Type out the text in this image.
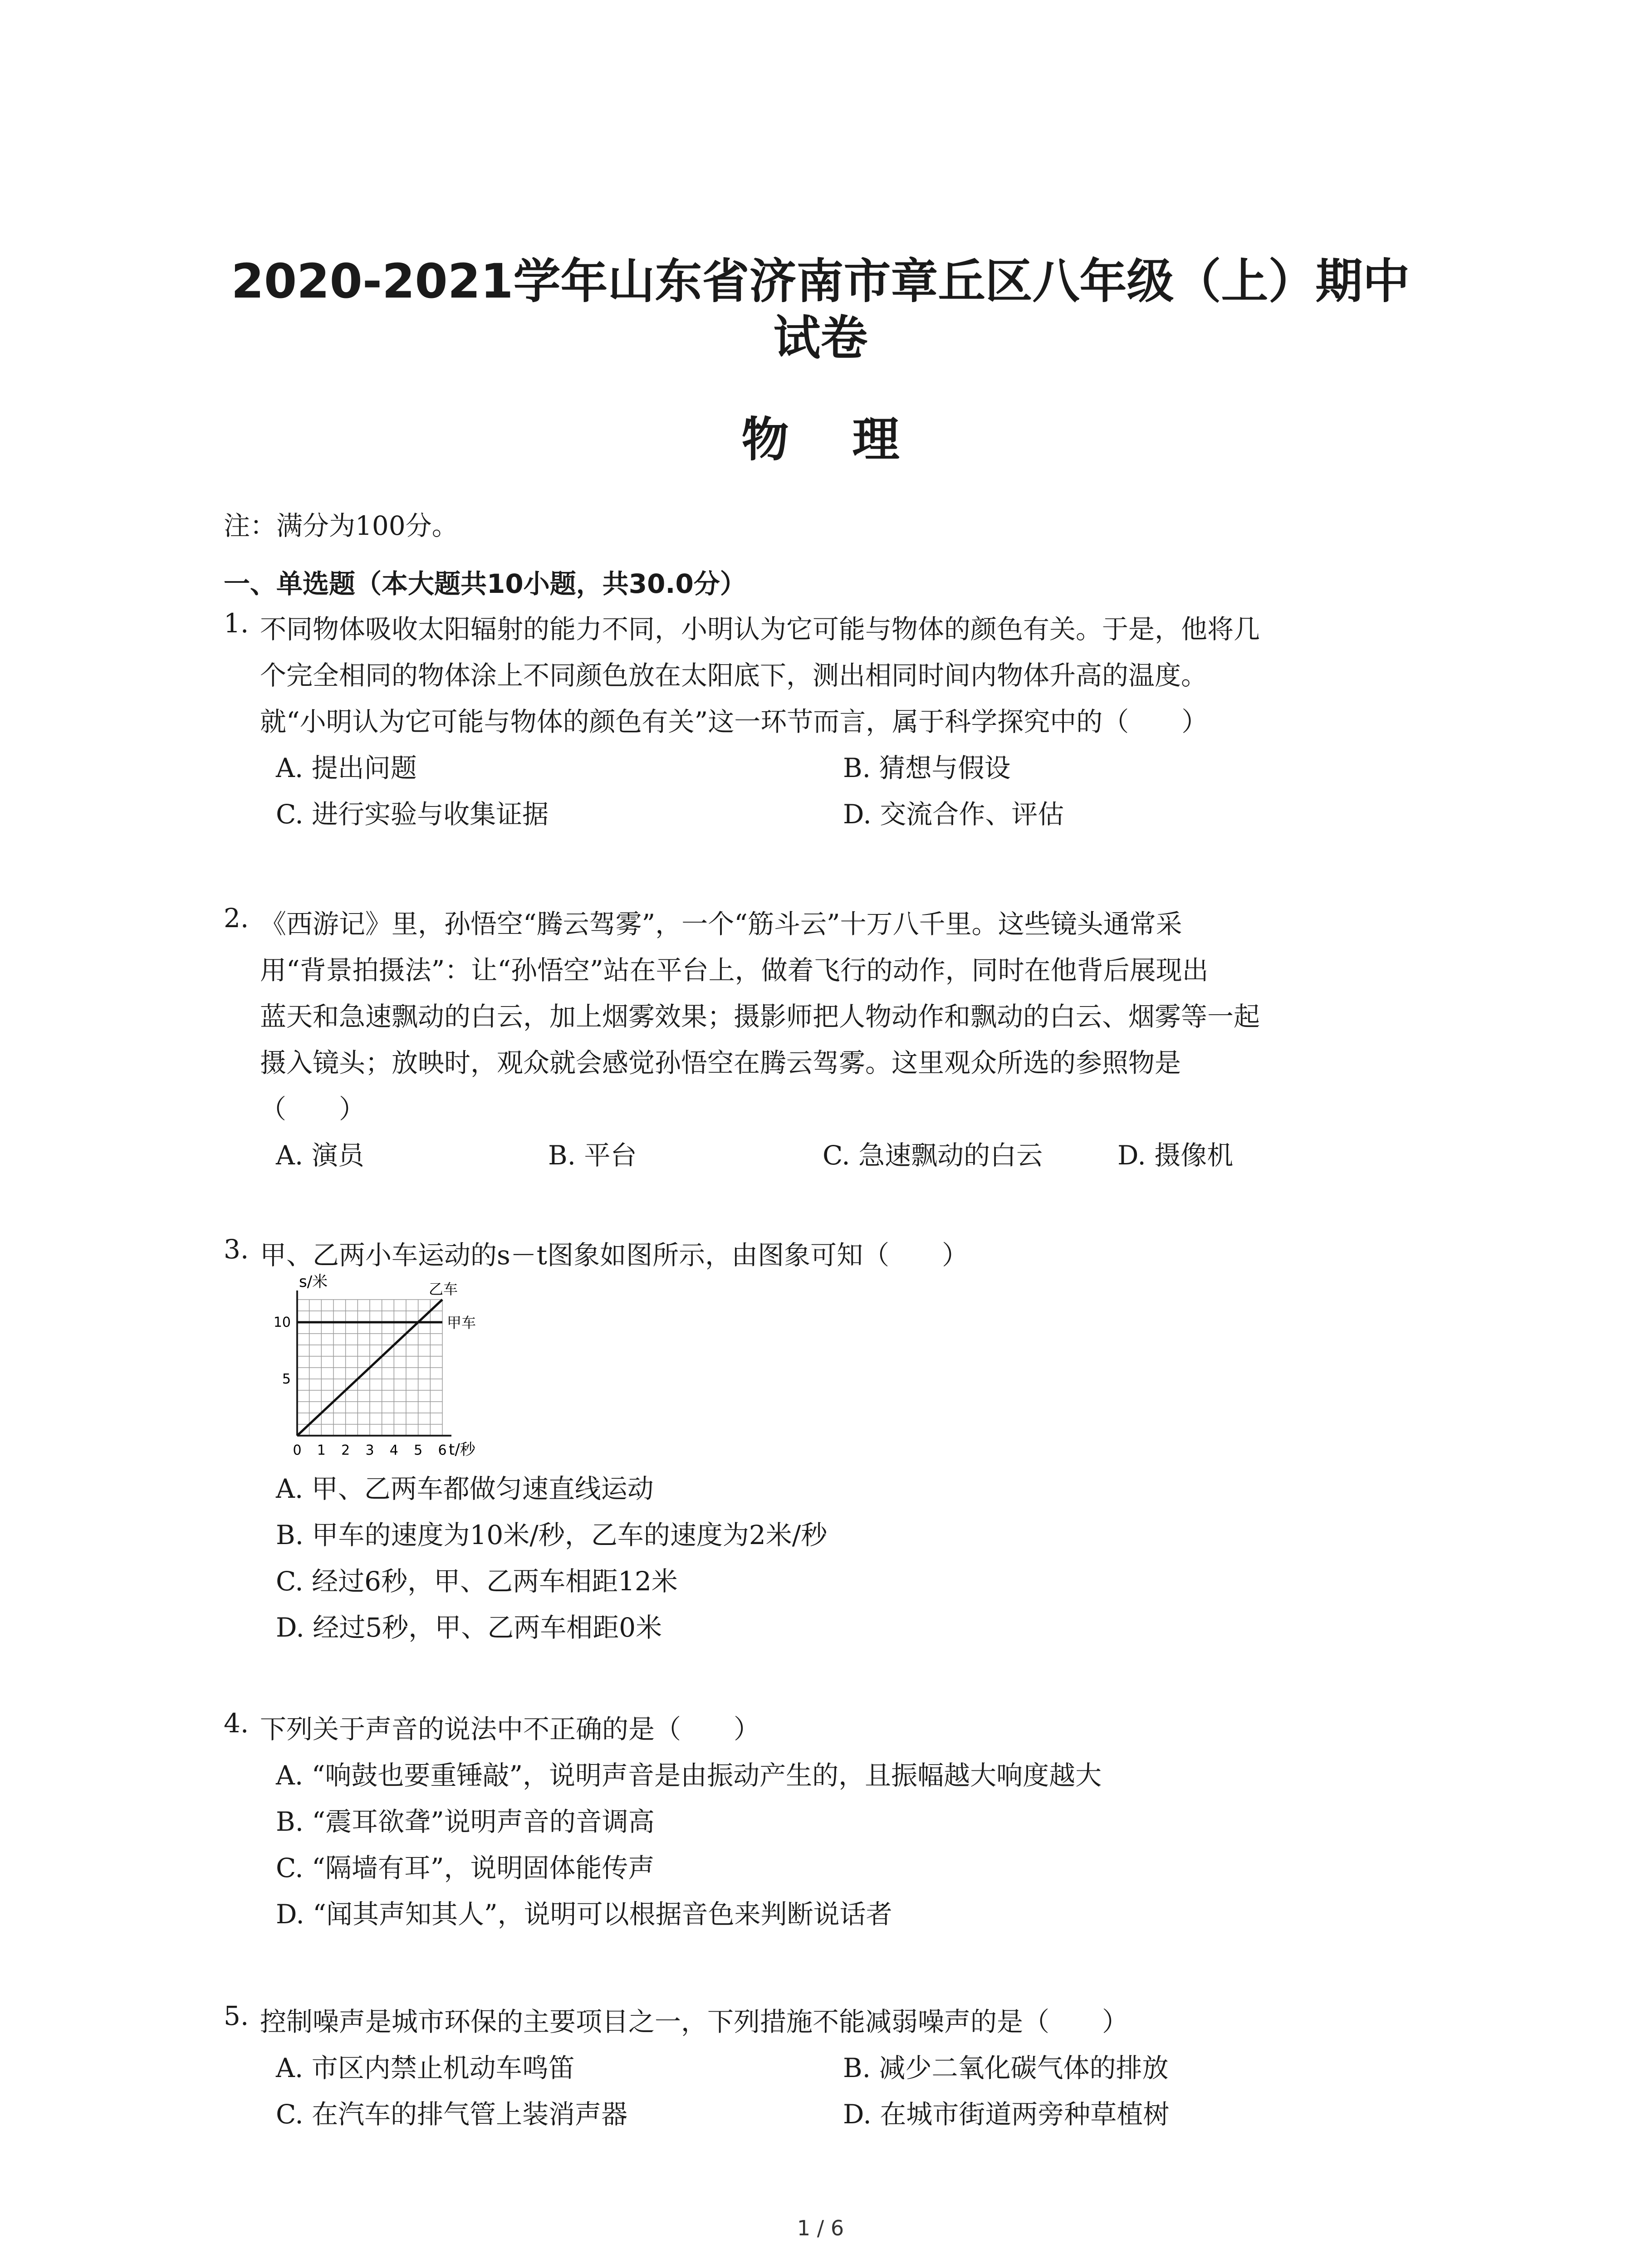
2020-2021学年山东省济南市章丘区八年级（上）期中
试卷
物理
注：满分为100分。
一、单选题（本大题共10小题，共30.0分）
1. 不同物体吸收太阳辐射的能力不同，小明认为它可能与物体的颜色有关。于是，他将几
个完全相同的物体涂上不同颜色放在太阳底下，测出相同时间内物体升高的温度。
就“小明认为它可能与物体的颜色有关”这一环节而言，属于科学探究中的（　　）
A. 提出问题	B. 猜想与假设
C. 进行实验与收集证据	D. 交流合作、评估
2. 《西游记》里，孙悟空“腾云驾雾”，一个“筋斗云”十万八千里。这些镜头通常采
用“背景拍摄法”：让“孙悟空”站在平台上，做着飞行的动作，同时在他背后展现出
蓝天和急速飘动的白云，加上烟雾效果；摄影师把人物动作和飘动的白云、烟雾等一起
摄入镜头；放映时，观众就会感觉孙悟空在腾云驾雾。这里观众所选的参照物是
（　　）
A. 演员	B. 平台	C. 急速飘动的白云	D. 摄像机
3. 甲、乙两小车运动的s－t图象如图所示，由图象可知（　　）
0 1 2 3 4 5 6
5
10	甲车
乙车
s/米
t/秒
A. 甲、乙两车都做匀速直线运动
B. 甲车的速度为10米/秒，乙车的速度为2米/秒
C. 经过6秒，甲、乙两车相距12米
D. 经过5秒，甲、乙两车相距0米
4. 下列关于声音的说法中不正确的是（　　）
A. “响鼓也要重锤敲”，说明声音是由振动产生的，且振幅越大响度越大
B. “震耳欲聋”说明声音的音调高
C. “隔墙有耳”，说明固体能传声
D. “闻其声知其人”，说明可以根据音色来判断说话者
5. 控制噪声是城市环保的主要项目之一，下列措施不能减弱噪声的是（　　）
A. 市区内禁止机动车鸣笛	B. 减少二氧化碳气体的排放
C. 在汽车的排气管上装消声器	D. 在城市街道两旁种草植树
1 / 6
